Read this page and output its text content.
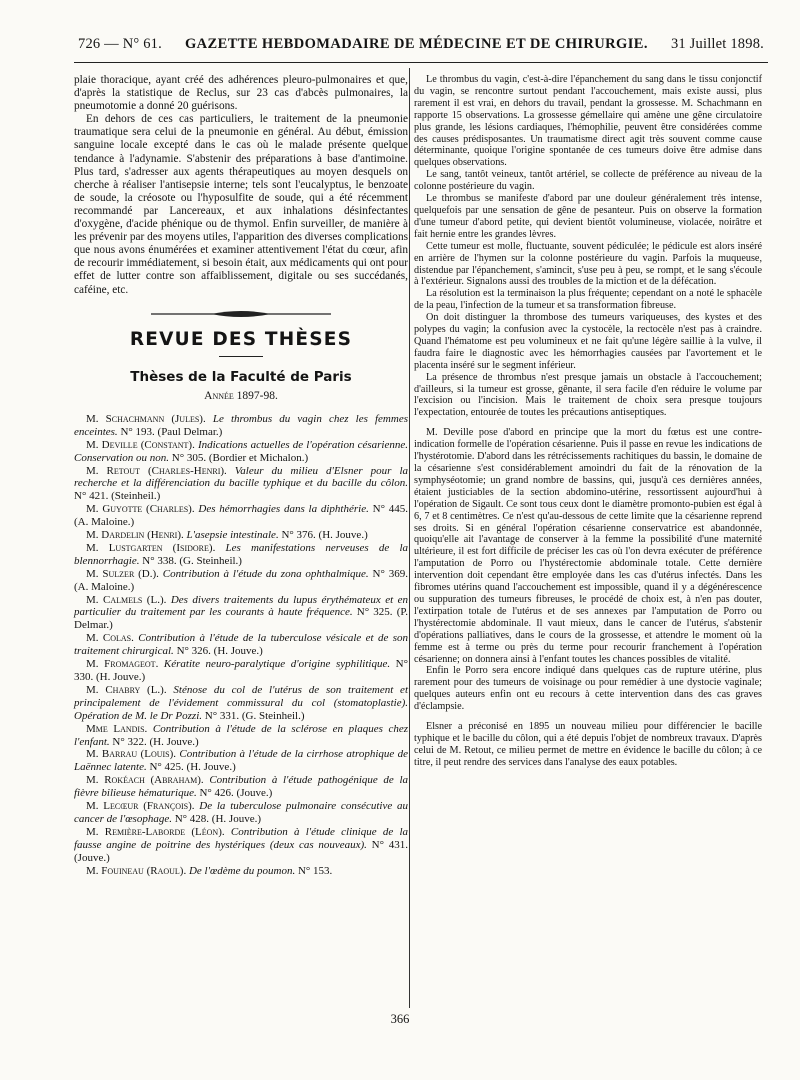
726 — N° 61. GAZETTE HEBDOMADAIRE DE MÉDECINE ET DE CHIRURGIE. 31 Juillet 1898.

plaie thoracique, ayant créé des adhérences pleuro-pulmonaires et que, d'après la statistique de Reclus, sur 23 cas d'abcès pulmonaires, la pneumotomie a donné 20 guérisons.

En dehors de ces cas particuliers, le traitement de la pneumonie traumatique sera celui de la pneumonie en général. Au début, émission sanguine locale excepté dans le cas où le malade présente quelque tendance à l'adynamie. S'abstenir des préparations à base d'antimoine. Plus tard, s'adresser aux agents thérapeutiques au moyen desquels on cherche à réaliser l'antisepsie interne; tels sont l'eucalyptus, le benzoate de soude, la créosote ou l'hyposulfite de soude, qui a été récemment recommandé par Lancereaux, et aux inhalations désinfectantes d'oxygène, d'acide phénique ou de thymol. Enfin surveiller, de manière à les prévenir par des moyens utiles, l'apparition des diverses complications que nous avons énumérées et examiner attentivement l'état du cœur, afin de recourir immédiatement, si besoin était, aux médicaments qui ont pour effet de lutter contre son affaiblissement, digitale ou ses succédanés, caféine, etc.

REVUE DES THÈSES
Thèses de la Faculté de Paris
Année 1897-98.

M. Schachmann (Jules). Le thrombus du vagin chez les femmes enceintes. N° 193. (Paul Delmar.)

M. Deville (Constant). Indications actuelles de l'opération césarienne. Conservation ou non. N° 305. (Bordier et Michalon.)

M. Retout (Charles-Henri). Valeur du milieu d'Elsner pour la recherche et la différenciation du bacille typhique et du bacille du côlon. N° 421. (Steinheil.)

M. Guyotte (Charles). Des hémorrhagies dans la diphthérie. N° 445. (A. Maloine.)

M. Dardelin (Henri). L'asepsie intestinale. N° 376. (H. Jouve.)

M. Lustgarten (Isidore). Les manifestations nerveuses de la blennorrhagie. N° 338. (G. Steinheil.)

M. Sulzer (D.). Contribution à l'étude du zona ophthalmique. N° 369. (A. Maloine.)

M. Calmels (L.). Des divers traitements du lupus érythémateux et en particulier du traitement par les courants à haute fréquence. N° 325. (P. Delmar.)

M. Colas. Contribution à l'étude de la tuberculose vésicale et de son traitement chirurgical. N° 326. (H. Jouve.)

M. Fromageot. Kératite neuro-paralytique d'origine syphilitique. N° 330. (H. Jouve.)

M. Chabry (L.). Sténose du col de l'utérus de son traitement et principalement de l'évidement commissural du col (stomatoplastie). Opération de M. le Dr Pozzi. N° 331. (G. Steinheil.)

Mme Landis. Contribution à l'étude de la sclérose en plaques chez l'enfant. N° 322. (H. Jouve.)

M. Barrau (Louis). Contribution à l'étude de la cirrhose atrophique de Laënnec latente. N° 425. (H. Jouve.)

M. Rokéach (Abraham). Contribution à l'étude pathogénique de la fièvre bilieuse hématurique. N° 426. (Jouve.)

M. Lecœur (François). De la tuberculose pulmonaire consécutive au cancer de l'œsophage. N° 428. (H. Jouve.)

M. Remière-Laborde (Léon). Contribution à l'étude clinique de la fausse angine de poitrine des hystériques (deux cas nouveaux). N° 431. (Jouve.)

M. Fouineau (Raoul). De l'œdème du poumon. N° 153.

Le thrombus du vagin, c'est-à-dire l'épanchement du sang dans le tissu conjonctif du vagin, se rencontre surtout pendant l'accouchement, mais existe aussi, plus rarement il est vrai, en dehors du travail, pendant la grossesse. M. Schachmann en rapporte 15 observations. La grossesse gémellaire qui amène une gêne circulatoire plus grande, les lésions cardiaques, l'hémophilie, peuvent être considérées comme des causes prédisposantes. Un traumatisme direct agit très souvent comme cause déterminante, quoique l'origine spontanée de ces tumeurs doive être admise dans quelques observations.

Le sang, tantôt veineux, tantôt artériel, se collecte de préférence au niveau de la colonne postérieure du vagin.

Le thrombus se manifeste d'abord par une douleur généralement très intense, quelquefois par une sensation de gêne de pesanteur. Puis on observe la formation d'une tumeur d'abord petite, qui devient bientôt volumineuse, violacée, noirâtre et fait hernie entre les grandes lèvres.

Cette tumeur est molle, fluctuante, souvent pédiculée; le pédicule est alors inséré en arrière de l'hymen sur la colonne postérieure du vagin. Parfois la muqueuse, distendue par l'épanchement, s'amincit, s'use peu à peu, se rompt, et le sang s'écoule à l'extérieur. Signalons aussi des troubles de la miction et de la défécation.

La résolution est la terminaison la plus fréquente; cependant on a noté le sphacèle de la peau, l'infection de la tumeur et sa transformation fibreuse.

On doit distinguer la thrombose des tumeurs variqueuses, des kystes et des polypes du vagin; la confusion avec la cystocèle, la rectocèle n'est pas à craindre. Quand l'hématome est peu volumineux et ne fait qu'une légère saillie à la vulve, il faudra faire le diagnostic avec les hémorrhagies causées par l'avortement et le placenta inséré sur le segment inférieur.

La présence de thrombus n'est presque jamais un obstacle à l'accouchement; d'ailleurs, si la tumeur est grosse, gênante, il sera facile d'en réduire le volume par l'excision ou l'incision. Mais le traitement de choix sera presque toujours l'expectation, entourée de toutes les précautions antiseptiques.

M. Deville pose d'abord en principe que la mort du fœtus est une contre-indication formelle de l'opération césarienne. Puis il passe en revue les indications de l'hystérotomie. D'abord dans les rétrécissements rachitiques du bassin, le domaine de la césarienne s'est considérablement amoindri du fait de la rénovation de la symphyséotomie; un grand nombre de bassins, qui, jusqu'à ces dernières années, étaient justiciables de la section abdomino-utérine, ressortissent aujourd'hui à l'opération de Sigault. Ce sont tous ceux dont le diamètre promonto-pubien est égal à 6, 7 et 8 centimètres. Ce n'est qu'au-dessous de cette limite que la césarienne reprend ses droits. Si en général l'opération césarienne conservatrice est abandonnée, quoiqu'elle ait l'avantage de conserver à la femme la possibilité d'une maternité ultérieure, il est fort difficile de préciser les cas où l'on devra exécuter de préférence l'amputation de Porro ou l'hystérectomie abdominale totale. Cette dernière intervention doit cependant être employée dans les cas d'utérus infectés. Dans les fibromes utérins quand l'accouchement est impossible, quand il y a dégénérescence ou suppuration des tumeurs fibreuses, le procédé de choix est, à n'en pas douter, l'extirpation totale de l'utérus et de ses annexes par l'amputation de Porro ou l'hystérectomie abdominale. Il vaut mieux, dans le cancer de l'utérus, s'abstenir d'opérations palliatives, dans le cours de la grossesse, et attendre le moment où la femme est à terme ou près du terme pour recourir franchement à l'opération césarienne; on donnera ainsi à l'enfant toutes les chances possibles de vitalité.

Enfin le Porro sera encore indiqué dans quelques cas de rupture utérine, plus rarement pour des tumeurs de voisinage ou pour remédier à une dystocie vaginale; quelques auteurs enfin ont eu recours à cette intervention dans des cas graves d'éclampsie.

Elsner a préconisé en 1895 un nouveau milieu pour différencier le bacille typhique et le bacille du côlon, qui a été depuis l'objet de nombreux travaux. D'après celui de M. Retout, ce milieu permet de mettre en évidence le bacille du côlon; à ce titre, il peut rendre des services dans l'analyse des eaux potables.

366
